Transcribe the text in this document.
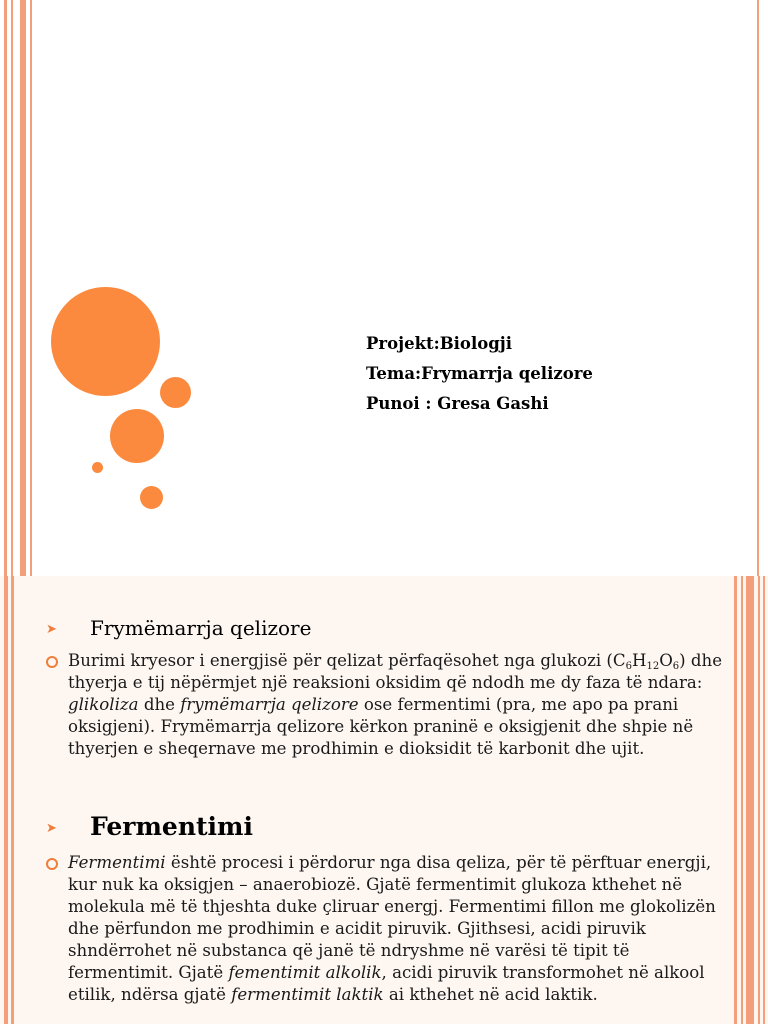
Projekt:Biologji
Tema:Frymarrja qelizore
Punoi : Gresa Gashi
➤ Frymëmarrja qelizore
Burimi kryesor i energjisë për qelizat përfaqësohet nga glukozi $(C_6H_{12}O_6)$ dhe thyerja e tij nëpërmjet një reaksioni oksidim që ndodh me dy faza të ndara: glikoliza dhe frymëmarrja qelizore ose fermentimi (pra, me apo pa prani oksigjeni). Frymëmarrja qelizore kërkon praninë e oksigjenit dhe shpie në thyerjen e sheqernave me prodhimin e dioksidit të karbonit dhe ujit.
➤ Fermentimi
Fermentimi është procesi i përdorur nga disa qeliza, për të përftuar energji, kur nuk ka oksigjen – anaerobiozë. Gjatë fermentimit glukoza kthehet në molekula më të thjeshta duke çliruar energj. Fermentimi fillon me glokolizën dhe përfundon me prodhimin e acidit piruvik. Gjithsesi, acidi piruvik shndërrohet në substanca që janë të ndryshme në varësi të tipit të fermentimit. Gjatë fementimit alkolik, acidi piruvik transformohet në alkool etilik, ndërsa gjatë fermentimit laktik ai kthehet në acid laktik.
